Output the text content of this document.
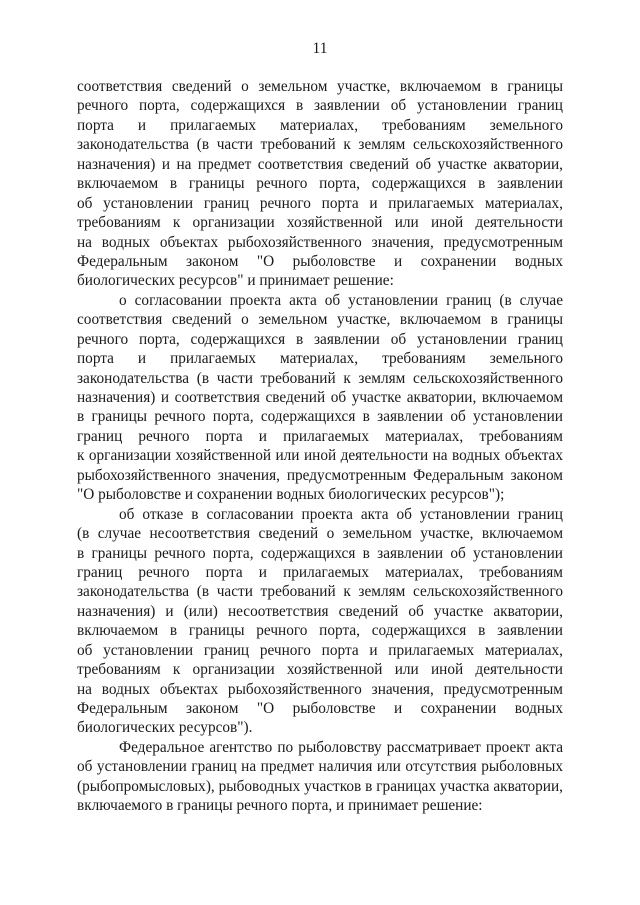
11

соответствия сведений о земельном участке, включаемом в границы
речного порта, содержащихся в заявлении об установлении границ
порта и прилагаемых материалах, требованиям земельного
законодательства (в части требований к землям сельскохозяйственного
назначения) и на предмет соответствия сведений об участке акватории,
включаемом в границы речного порта, содержащихся в заявлении
об установлении границ речного порта и прилагаемых материалах,
требованиям к организации хозяйственной или иной деятельности
на водных объектах рыбохозяйственного значения, предусмотренным
Федеральным законом "О рыболовстве и сохранении водных
биологических ресурсов" и принимает решение:

о согласовании проекта акта об установлении границ (в случае
соответствия сведений о земельном участке, включаемом в границы
речного порта, содержащихся в заявлении об установлении границ
порта и прилагаемых материалах, требованиям земельного
законодательства (в части требований к землям сельскохозяйственного
назначения) и соответствия сведений об участке акватории, включаемом
в границы речного порта, содержащихся в заявлении об установлении
границ речного порта и прилагаемых материалах, требованиям
к организации хозяйственной или иной деятельности на водных объектах
рыбохозяйственного значения, предусмотренным Федеральным законом
"О рыболовстве и сохранении водных биологических ресурсов");

об отказе в согласовании проекта акта об установлении границ
(в случае несоответствия сведений о земельном участке, включаемом
в границы речного порта, содержащихся в заявлении об установлении
границ речного порта и прилагаемых материалах, требованиям
законодательства (в части требований к землям сельскохозяйственного
назначения) и (или) несоответствия сведений об участке акватории,
включаемом в границы речного порта, содержащихся в заявлении
об установлении границ речного порта и прилагаемых материалах,
требованиям к организации хозяйственной или иной деятельности
на водных объектах рыбохозяйственного значения, предусмотренным
Федеральным законом "О рыболовстве и сохранении водных
биологических ресурсов").

Федеральное агентство по рыболовству рассматривает проект акта
об установлении границ на предмет наличия или отсутствия рыболовных
(рыбопромысловых), рыбоводных участков в границах участка акватории,
включаемого в границы речного порта, и принимает решение:
